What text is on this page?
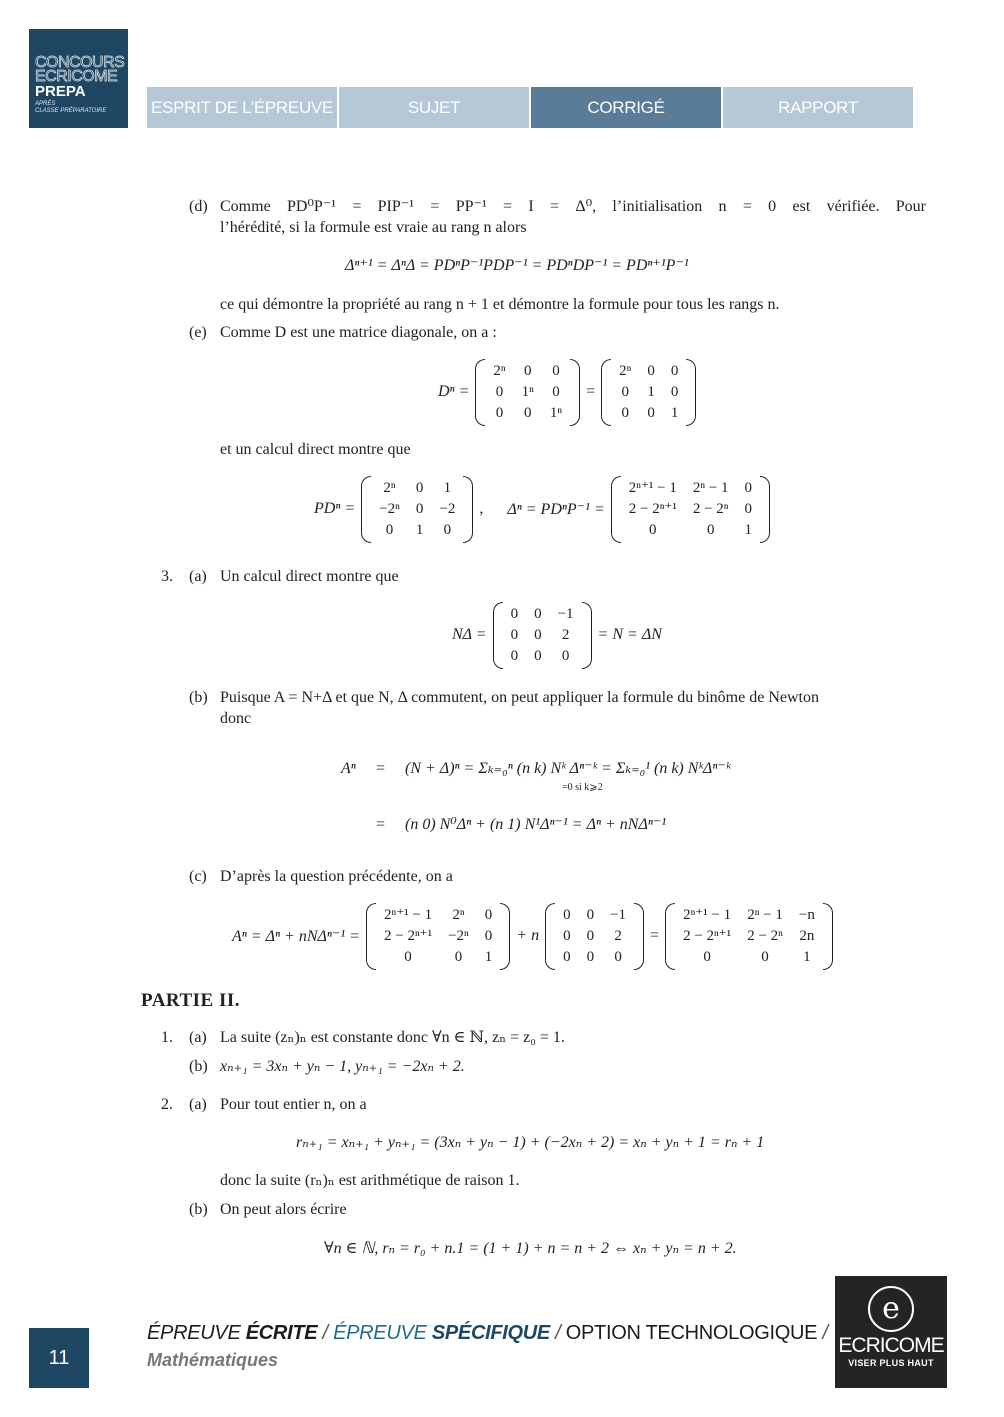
CONCOURS
ECRICOME
PREPA
APRÈS
CLASSE PRÉPARATOIRE	ESPRIT DE L’ÉPREUVE	SUJET	CORRIGÉ	RAPPORT
(d) Comme PD⁰P⁻¹ = PIP⁻¹ = PP⁻¹ = I = Δ⁰, l’initialisation n = 0 est vérifiée. Pour
l’hérédité, si la formule est vraie au rang n alors
Δⁿ⁺¹ = ΔⁿΔ = PDⁿP⁻¹PDP⁻¹ = PDⁿDP⁻¹ = PDⁿ⁺¹P⁻¹
ce qui démontre la propriété au rang n + 1 et démontre la formule pour tous les rangs n.
(e) Comme D est une matrice diagonale, on a :
Dⁿ =
2ⁿ	0	0
0	1ⁿ	0
0	0	1ⁿ
=
2ⁿ	0	0
0	1	0
0	0	1
et un calcul direct montre que
PDⁿ =
2ⁿ	0	1
−2ⁿ	0	−2
0	1	0
, Δⁿ = PDⁿP⁻¹ =
2ⁿ⁺¹ − 1	2ⁿ − 1	0
2 − 2ⁿ⁺¹	2 − 2ⁿ	0
0	0	1
3. (a) Un calcul direct montre que
NΔ =
0	0	−1
0	0	2
0	0	0
= N = ΔN
(b) Puisque A = N+Δ et que N, Δ commutent, on peut appliquer la formule du binôme de Newton
donc
Aⁿ = (N + Δ)ⁿ = Σₖ₌₀ⁿ (n k) Nᵏ Δⁿ⁻ᵏ = Σₖ₌₀¹ (n k) NᵏΔⁿ⁻ᵏ
=0 si k⩾2
= (n 0) N⁰Δⁿ + (n 1) N¹Δⁿ⁻¹ = Δⁿ + nNΔⁿ⁻¹
(c) D’après la question précédente, on a
Aⁿ = Δⁿ + nNΔⁿ⁻¹ =
2ⁿ⁺¹ − 1	2ⁿ	0
2 − 2ⁿ⁺¹	−2ⁿ	0
0	0	1
+ n
0	0	−1
0	0	2
0	0	0
=
2ⁿ⁺¹ − 1	2ⁿ − 1	−n
2 − 2ⁿ⁺¹	2 − 2ⁿ	2n
0	0	1
PARTIE II.
1. (a) La suite (zₙ)ₙ est constante donc ∀n ∈ ℕ, zₙ = z₀ = 1.
(b) xₙ₊₁ = 3xₙ + yₙ − 1, yₙ₊₁ = −2xₙ + 2.
2. (a) Pour tout entier n, on a
rₙ₊₁ = xₙ₊₁ + yₙ₊₁ = (3xₙ + yₙ − 1) + (−2xₙ + 2) = xₙ + yₙ + 1 = rₙ + 1
donc la suite (rₙ)ₙ est arithmétique de raison 1.
(b) On peut alors écrire
∀n ∈ ℕ, rₙ = r₀ + n.1 = (1 + 1) + n = n + 2 ⇔ xₙ + yₙ = n + 2.
11
ÉPREUVE ÉCRITE / ÉPREUVE SPÉCIFIQUE / OPTION TECHNOLOGIQUE /
Mathématiques
e
ECRICOME
VISER PLUS HAUT
